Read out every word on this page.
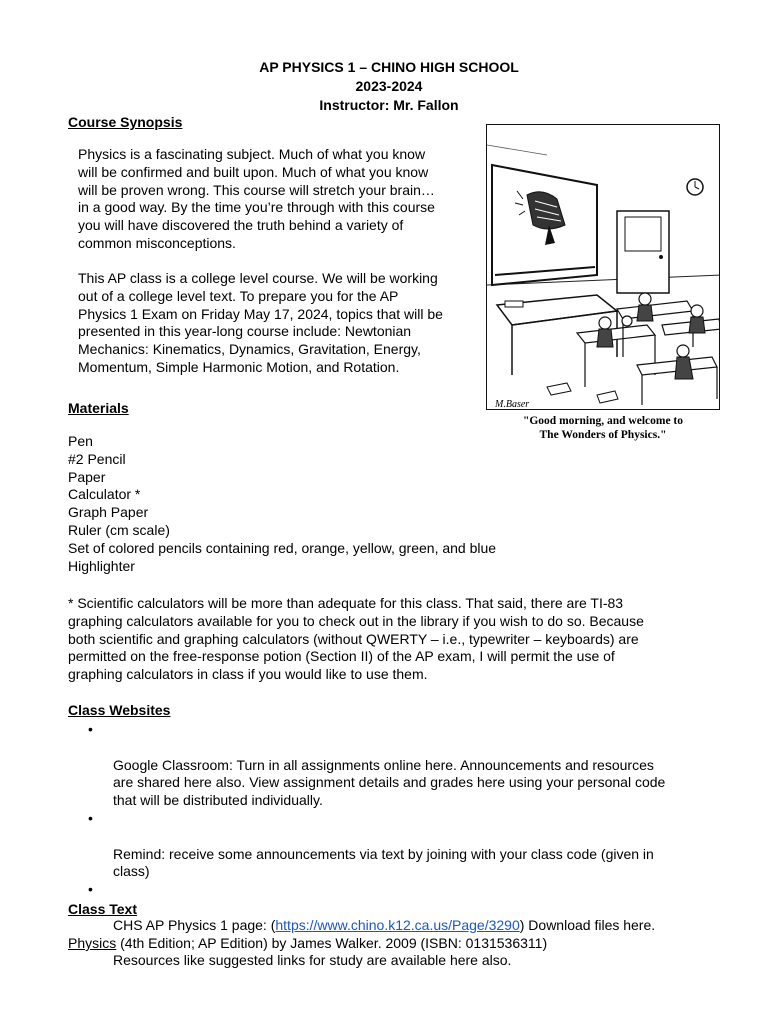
AP PHYSICS 1 – CHINO HIGH SCHOOL
2023-2024
Instructor: Mr. Fallon
Course Synopsis
Physics is a fascinating subject. Much of what you know
will be confirmed and built upon. Much of what you know
will be proven wrong. This course will stretch your brain…
in a good way. By the time you’re through with this course
you will have discovered the truth behind a variety of
common misconceptions.
This AP class is a college level course. We will be working
out of a college level text. To prepare you for the AP
Physics 1 Exam on Friday May 17, 2024, topics that will be
presented in this year-long course include: Newtonian
Mechanics: Kinematics, Dynamics, Gravitation, Energy,
Momentum, Simple Harmonic Motion, and Rotation.
M.Baser
"Good morning, and welcome to
The Wonders of Physics."
Materials
Pen
#2 Pencil
Paper
Calculator *
Graph Paper
Ruler (cm scale)
Set of colored pencils containing red, orange, yellow, green, and blue
Highlighter
* Scientific calculators will be more than adequate for this class. That said, there are TI-83
graphing calculators available for you to check out in the library if you wish to do so. Because
both scientific and graphing calculators (without QWERTY – i.e., typewriter – keyboards) are
permitted on the free-response potion (Section II) of the AP exam, I will permit the use of
graphing calculators in class if you would like to use them.
Class Websites

•

Google Classroom: Turn in all assignments online here. Announcements and resources
are shared here also. View assignment details and grades here using your personal code
that will be distributed individually.

•

Remind: receive some announcements via text by joining with your class code (given in
class)

•

CHS AP Physics 1 page: (https://www.chino.k12.ca.us/Page/3290) Download files here.

Resources like suggested links for study are available here also.

Class Text
Physics (4th Edition; AP Edition) by James Walker. 2009 (ISBN: 0131536311)
